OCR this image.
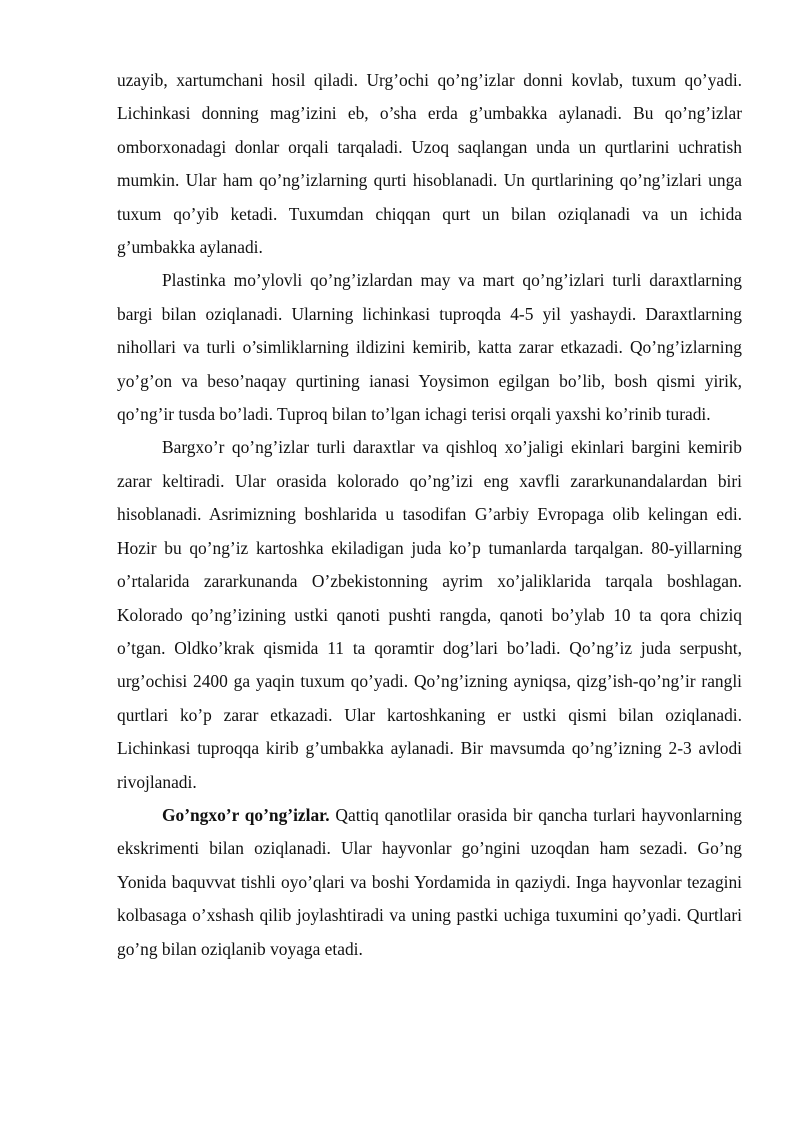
uzayib, xartumchani hosil qiladi. Urg’ochi qo’ng’izlar donni kovlab, tuxum qo’yadi. Lichinkasi donning mag’izini eb, o’sha erda g’umbakka aylanadi. Bu qo’ng’izlar omborxonadagi donlar orqali tarqaladi. Uzoq saqlangan unda un qurtlarini uchratish mumkin. Ular ham qo’ng’izlarning qurti hisoblanadi. Un qurtlarining qo’ng’izlari unga tuxum qo’yib ketadi. Tuxumdan chiqqan qurt un bilan oziqlanadi va un ichida g’umbakka aylanadi.

Plastinka mo’ylovli qo’ng’izlardan may va mart qo’ng’izlari turli daraxtlarning bargi bilan oziqlanadi. Ularning lichinkasi tuproqda 4-5 yil yashaydi. Daraxtlarning nihollari va turli o’simliklarning ildizini kemirib, katta zarar etkazadi. Qo’ng’izlarning yo’g’on va beso’naqay qurtining ianasi Yoysimon egilgan bo’lib, bosh qismi yirik, qo’ng’ir tusda bo’ladi. Tuproq bilan to’lgan ichagi terisi orqali yaxshi ko’rinib turadi.

Bargxo’r qo’ng’izlar turli daraxtlar va qishloq xo’jaligi ekinlari bargini kemirib zarar keltiradi. Ular orasida kolorado qo’ng’izi eng xavfli zararkunandalardan biri hisoblanadi. Asrimizning boshlarida u tasodifan G’arbiy Evropaga olib kelingan edi. Hozir bu qo’ng’iz kartoshka ekiladigan juda ko’p tumanlarda tarqalgan. 80-yillarning o’rtalarida zararkunanda O’zbekistonning ayrim xo’jaliklarida tarqala boshlagan. Kolorado qo’ng’izining ustki qanoti pushti rangda, qanoti bo’ylab 10 ta qora chiziq o’tgan. Oldko’krak qismida 11 ta qoramtir dog’lari bo’ladi. Qo’ng’iz juda serpusht, urg’ochisi 2400 ga yaqin tuxum qo’yadi. Qo’ng’izning ayniqsa, qizg’ish-qo’ng’ir rangli qurtlari ko’p zarar etkazadi. Ular kartoshkaning er ustki qismi bilan oziqlanadi. Lichinkasi tuproqqa kirib g’umbakka aylanadi. Bir mavsumda qo’ng’izning 2-3 avlodi rivojlanadi.

Go’ngxo’r qo’ng’izlar. Qattiq qanotlilar orasida bir qancha turlari hayvonlarning ekskrimenti bilan oziqlanadi. Ular hayvonlar go’ngini uzoqdan ham sezadi. Go’ng Yonida baquvvat tishli oyo’qlari va boshi Yordamida in qaziydi. Inga hayvonlar tezagini kolbasaga o’xshash qilib joylashtiradi va uning pastki uchiga tuxumini qo’yadi. Qurtlari go’ng bilan oziqlanib voyaga etadi.
